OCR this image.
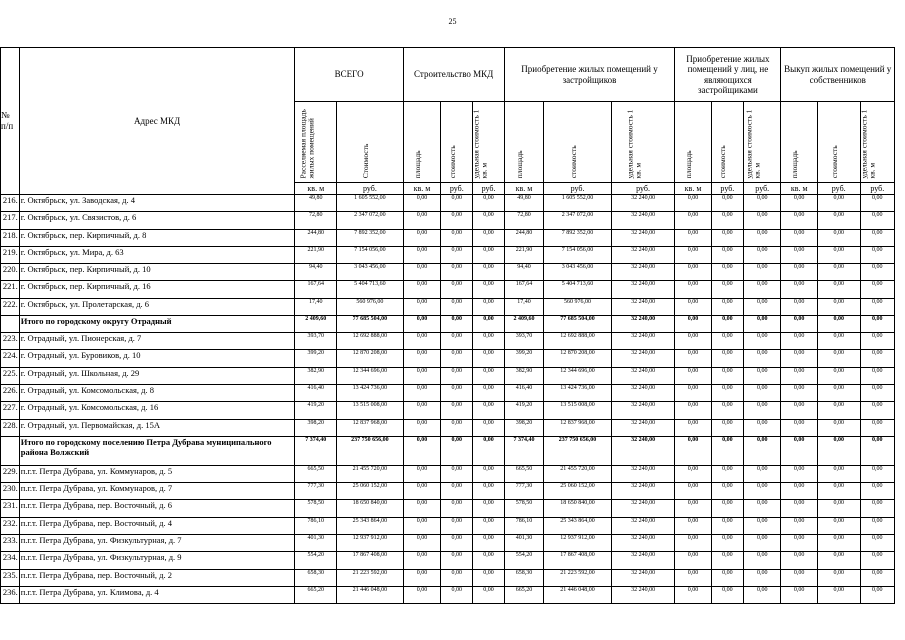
25
№ п/п	Адрес МКД	ВСЕГО		Строительство МКД			Приобретение жилых помещений у застройщиков			Приобретение жилых помещений у лиц, не являющихся застройщиками			Выкуп жилых помещений у собственников		

		Расселяемая площадь жилых помещений	Стоимость	площадь	стоимость	удельная стоимость 1 кв. м	площадь	стоимость	удельная стоимость 1 кв. м	площадь	стоимость	удельная стоимость 1 кв. м	площадь	стоимость	удельная стоимость 1 кв. м

		кв. м	руб.	кв. м	руб.	руб.	кв. м	руб.	руб.	кв. м	руб.	руб.	кв. м	руб.	руб.
216.	г. Октябрьск, ул. Заводская, д. 4	49,80	1 605 552,00	0,00	0,00	0,00	49,80	1 605 552,00	32 240,00	0,00	0,00	0,00	0,00	0,00	0,00
217.	г. Октябрьск, ул. Связистов, д. 6	72,80	2 347 072,00	0,00	0,00	0,00	72,80	2 347 072,00	32 240,00	0,00	0,00	0,00	0,00	0,00	0,00
218.	г. Октябрьск, пер. Кирпичный, д. 8	244,80	7 892 352,00	0,00	0,00	0,00	244,80	7 892 352,00	32 240,00	0,00	0,00	0,00	0,00	0,00	0,00
219.	г. Октябрьск, ул. Мира, д. 63	221,90	7 154 056,00	0,00	0,00	0,00	221,90	7 154 056,00	32 240,00	0,00	0,00	0,00	0,00	0,00	0,00
220.	г. Октябрьск, пер. Кирпичный, д. 10	94,40	3 043 456,00	0,00	0,00	0,00	94,40	3 043 456,00	32 240,00	0,00	0,00	0,00	0,00	0,00	0,00
221.	г. Октябрьск, пер. Кирпичный, д. 16	167,64	5 404 713,60	0,00	0,00	0,00	167,64	5 404 713,60	32 240,00	0,00	0,00	0,00	0,00	0,00	0,00
222.	г. Октябрьск, ул. Пролетарская, д. 6	17,40	560 976,00	0,00	0,00	0,00	17,40	560 976,00	32 240,00	0,00	0,00	0,00	0,00	0,00	0,00
	Итого по городскому округу Отрадный	2 409,60	77 685 504,00	0,00	0,00	0,00	2 409,60	77 685 504,00	32 240,00	0,00	0,00	0,00	0,00	0,00	0,00
223.	г. Отрадный, ул. Пионерская, д. 7	393,70	12 692 888,00	0,00	0,00	0,00	393,70	12 692 888,00	32 240,00	0,00	0,00	0,00	0,00	0,00	0,00
224.	г. Отрадный, ул. Буровиков, д. 10	399,20	12 870 208,00	0,00	0,00	0,00	399,20	12 870 208,00	32 240,00	0,00	0,00	0,00	0,00	0,00	0,00
225.	г. Отрадный, ул. Школьная, д. 29	382,90	12 344 696,00	0,00	0,00	0,00	382,90	12 344 696,00	32 240,00	0,00	0,00	0,00	0,00	0,00	0,00
226.	г. Отрадный, ул. Комсомольская, д. 8	416,40	13 424 736,00	0,00	0,00	0,00	416,40	13 424 736,00	32 240,00	0,00	0,00	0,00	0,00	0,00	0,00
227.	г. Отрадный, ул. Комсомольская, д. 16	419,20	13 515 008,00	0,00	0,00	0,00	419,20	13 515 008,00	32 240,00	0,00	0,00	0,00	0,00	0,00	0,00
228.	г. Отрадный, ул. Первомайская, д. 15А	398,20	12 837 968,00	0,00	0,00	0,00	398,20	12 837 968,00	32 240,00	0,00	0,00	0,00	0,00	0,00	0,00
	Итого по городскому поселению Петра Дубрава муниципального района Волжский	7 374,40	237 750 656,00	0,00	0,00	0,00	7 374,40	237 750 656,00	32 240,00	0,00	0,00	0,00	0,00	0,00	0,00
229.	п.г.т. Петра Дубрава, ул. Коммунаров, д. 5	665,50	21 455 720,00	0,00	0,00	0,00	665,50	21 455 720,00	32 240,00	0,00	0,00	0,00	0,00	0,00	0,00
230.	п.г.т. Петра Дубрава, ул. Коммунаров, д. 7	777,30	25 060 152,00	0,00	0,00	0,00	777,30	25 060 152,00	32 240,00	0,00	0,00	0,00	0,00	0,00	0,00
231.	п.г.т. Петра Дубрава, пер. Восточный, д. 6	578,50	18 650 840,00	0,00	0,00	0,00	578,50	18 650 840,00	32 240,00	0,00	0,00	0,00	0,00	0,00	0,00
232.	п.г.т. Петра Дубрава, пер. Восточный, д. 4	786,10	25 343 864,00	0,00	0,00	0,00	786,10	25 343 864,00	32 240,00	0,00	0,00	0,00	0,00	0,00	0,00
233.	п.г.т. Петра Дубрава, ул. Физкультурная, д. 7	401,30	12 937 912,00	0,00	0,00	0,00	401,30	12 937 912,00	32 240,00	0,00	0,00	0,00	0,00	0,00	0,00
234.	п.г.т. Петра Дубрава, ул. Физкультурная, д. 9	554,20	17 867 408,00	0,00	0,00	0,00	554,20	17 867 408,00	32 240,00	0,00	0,00	0,00	0,00	0,00	0,00
235.	п.г.т. Петра Дубрава, пер. Восточный, д. 2	658,30	21 223 592,00	0,00	0,00	0,00	658,30	21 223 592,00	32 240,00	0,00	0,00	0,00	0,00	0,00	0,00
236.	п.г.т. Петра Дубрава, ул. Климова, д. 4	665,20	21 446 048,00	0,00	0,00	0,00	665,20	21 446 048,00	32 240,00	0,00	0,00	0,00	0,00	0,00	0,00
